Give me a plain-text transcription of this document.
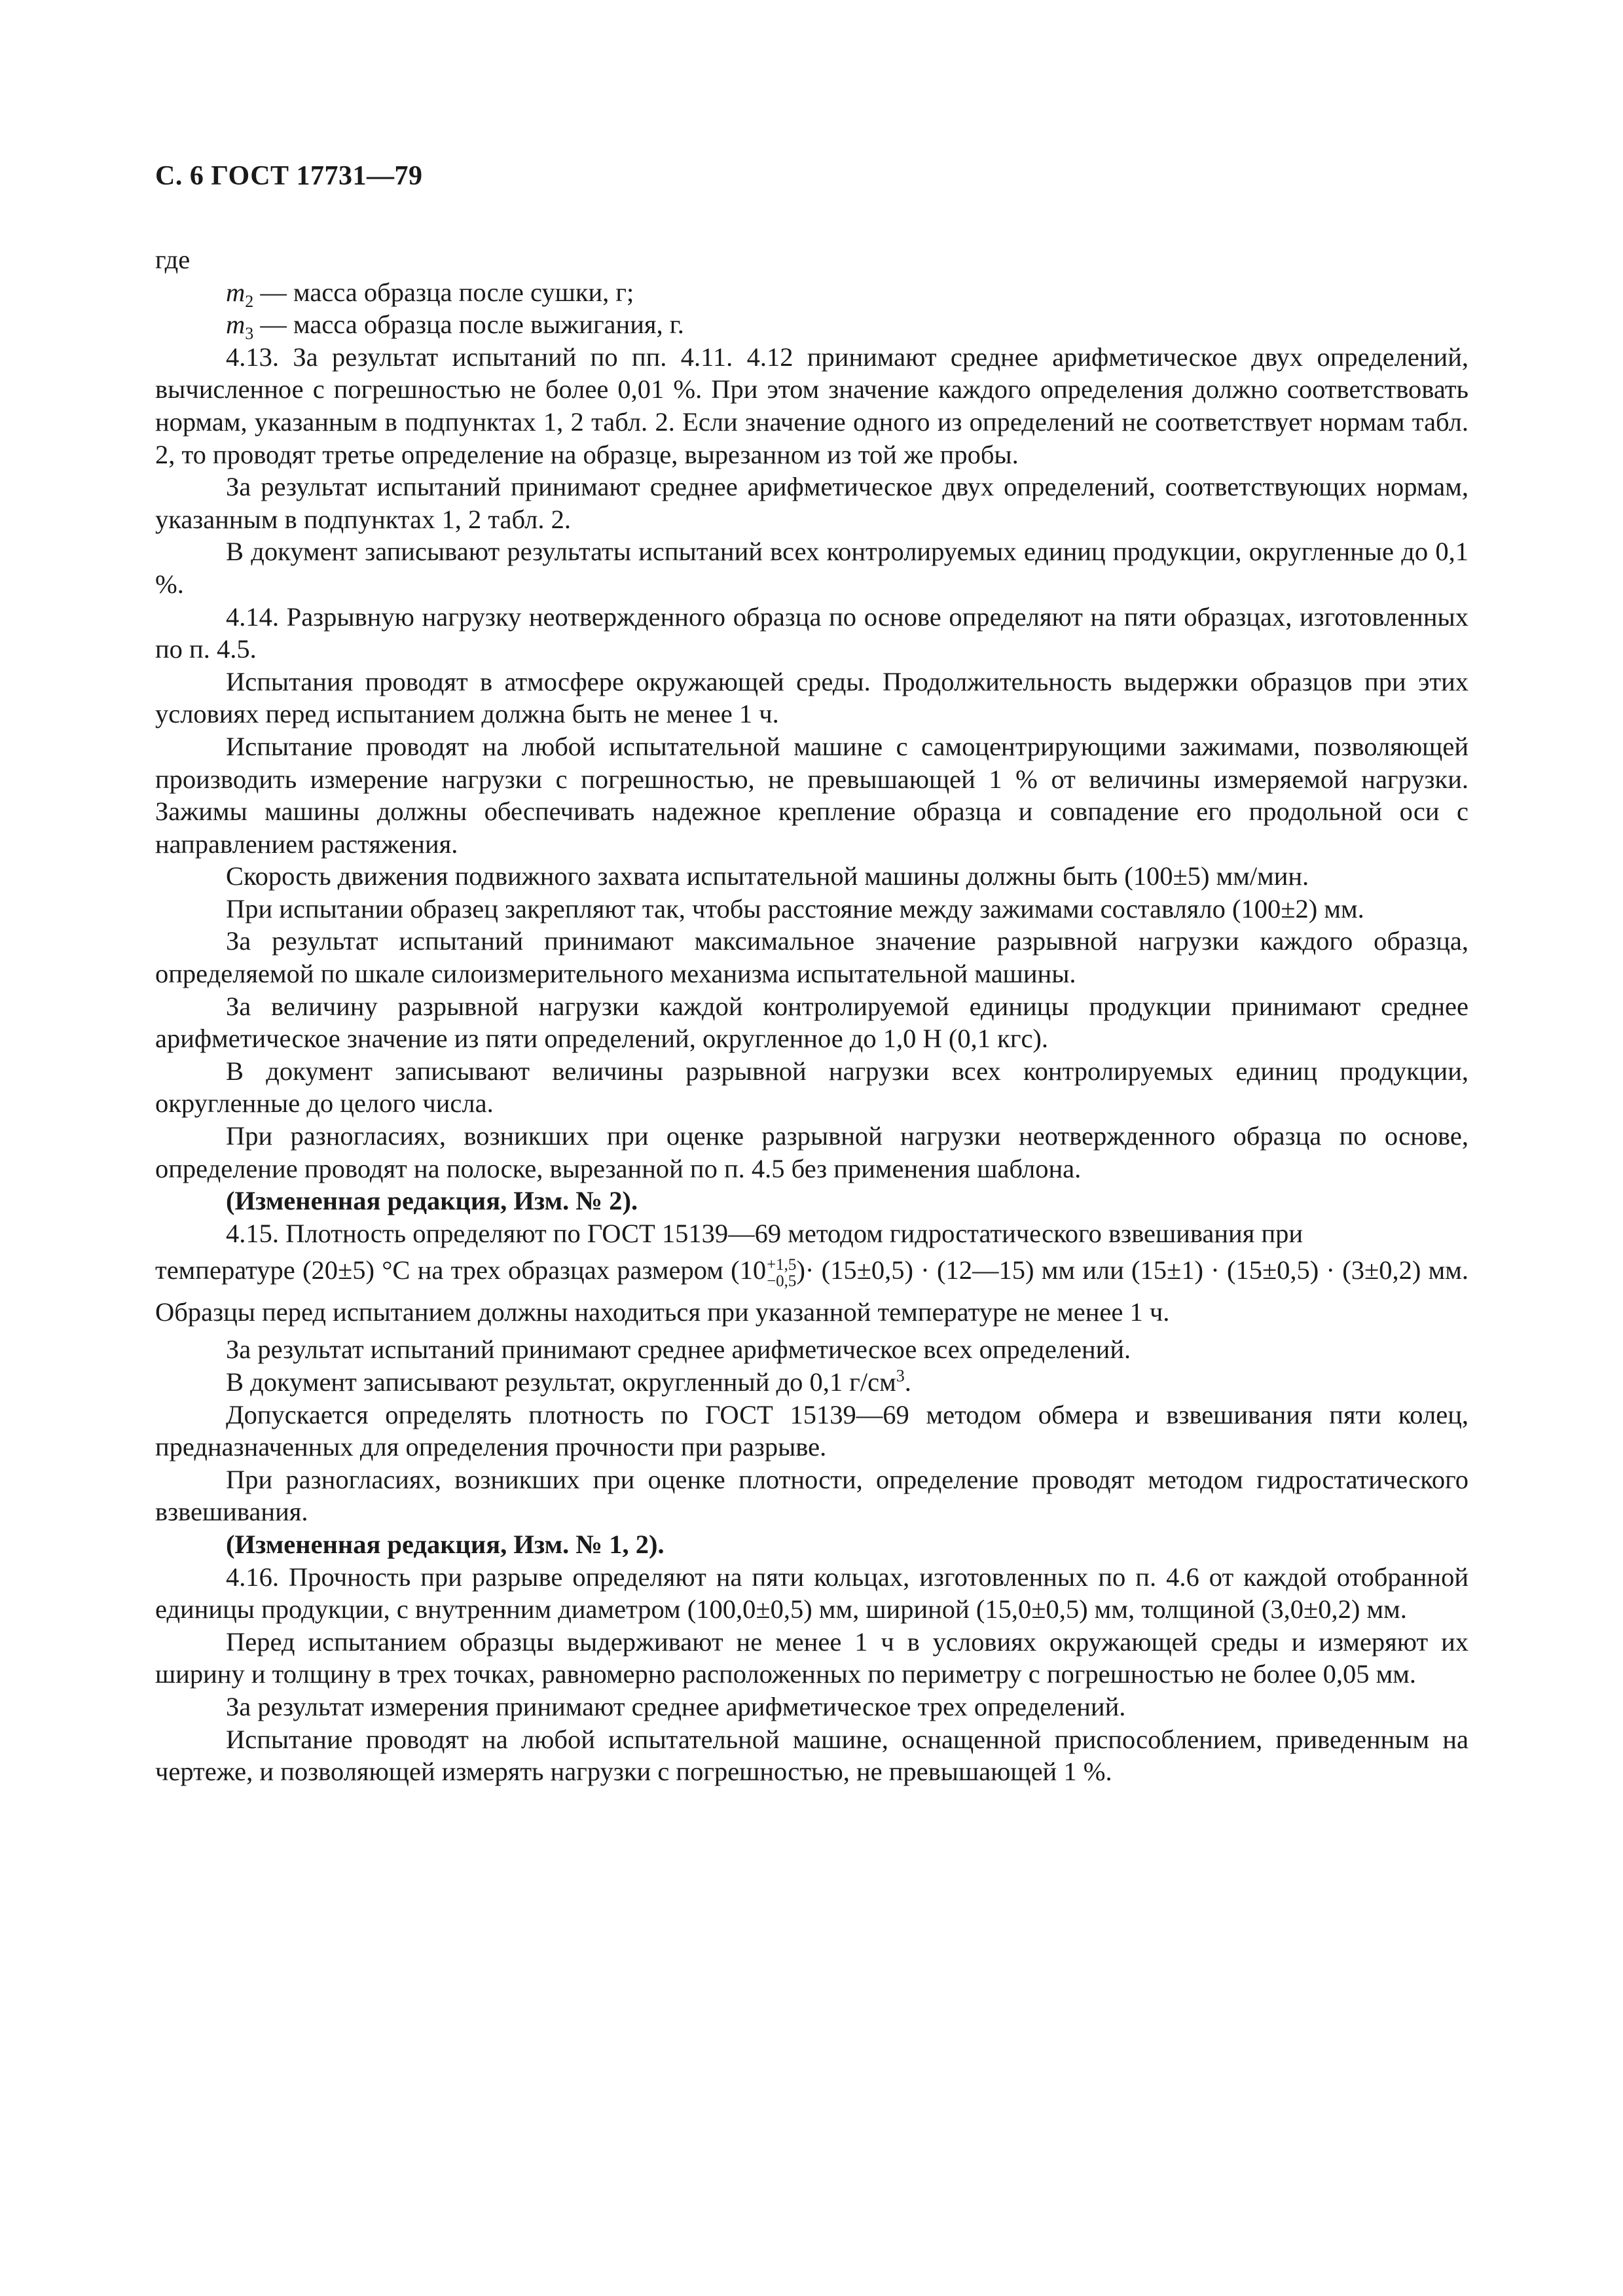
С. 6 ГОСТ 17731—79

где

$m_2$ — масса образца после сушки, г;

$m_3$ — масса образца после выжигания, г.

4.13. За результат испытаний по пп. 4.11. 4.12 принимают среднее арифметическое двух определений, вычисленное с погрешностью не более 0,01 %. При этом значение каждого определения должно соответствовать нормам, указанным в подпунктах 1, 2 табл. 2. Если значение одного из определений не соответствует нормам табл. 2, то проводят третье определение на образце, вырезанном из той же пробы.

За результат испытаний принимают среднее арифметическое двух определений, соответствующих нормам, указанным в подпунктах 1, 2 табл. 2.

В документ записывают результаты испытаний всех контролируемых единиц продукции, округленные до 0,1 %.

4.14. Разрывную нагрузку неотвержденного образца по основе определяют на пяти образцах, изготовленных по п. 4.5.

Испытания проводят в атмосфере окружающей среды. Продолжительность выдержки образцов при этих условиях перед испытанием должна быть не менее 1 ч.

Испытание проводят на любой испытательной машине с самоцентрирующими зажимами, позволяющей производить измерение нагрузки с погрешностью, не превышающей 1 % от величины измеряемой нагрузки. Зажимы машины должны обеспечивать надежное крепление образца и совпадение его продольной оси с направлением растяжения.

Скорость движения подвижного захвата испытательной машины должны быть (100±5) мм/мин.

При испытании образец закрепляют так, чтобы расстояние между зажимами составляло (100±2) мм.

За результат испытаний принимают максимальное значение разрывной нагрузки каждого образца, определяемой по шкале силоизмерительного механизма испытательной машины.

За величину разрывной нагрузки каждой контролируемой единицы продукции принимают среднее арифметическое значение из пяти определений, округленное до 1,0 Н (0,1 кгс).

В документ записывают величины разрывной нагрузки всех контролируемых единиц продукции, округленные до целого числа.

При разногласиях, возникших при оценке разрывной нагрузки неотвержденного образца по основе, определение проводят на полоске, вырезанной по п. 4.5 без применения шаблона.

(Измененная редакция, Изм. № 2).

4.15. Плотность определяют по ГОСТ 15139—69 методом гидростатического взвешивания при

температуре (20±5) °С на трех образцах размером (10 +1,5
−0,5 )· (15±0,5) · (12—15) мм или (15±1) · (15±0,5) · (3±0,2) мм. Образцы перед испытанием должны находиться при указанной температуре не менее 1 ч.

За результат испытаний принимают среднее арифметическое всех определений.

В документ записывают результат, округленный до 0,1 $г/см^3$.

Допускается определять плотность по ГОСТ 15139—69 методом обмера и взвешивания пяти колец, предназначенных для определения прочности при разрыве.

При разногласиях, возникших при оценке плотности, определение проводят методом гидростатического взвешивания.

(Измененная редакция, Изм. № 1, 2).

4.16. Прочность при разрыве определяют на пяти кольцах, изготовленных по п. 4.6 от каждой отобранной единицы продукции, с внутренним диаметром (100,0±0,5) мм, шириной (15,0±0,5) мм, толщиной (3,0±0,2) мм.

Перед испытанием образцы выдерживают не менее 1 ч в условиях окружающей среды и измеряют их ширину и толщину в трех точках, равномерно расположенных по периметру с погрешностью не более 0,05 мм.

За результат измерения принимают среднее арифметическое трех определений.

Испытание проводят на любой испытательной машине, оснащенной приспособлением, приведенным на чертеже, и позволяющей измерять нагрузки с погрешностью, не превышающей 1 %.
